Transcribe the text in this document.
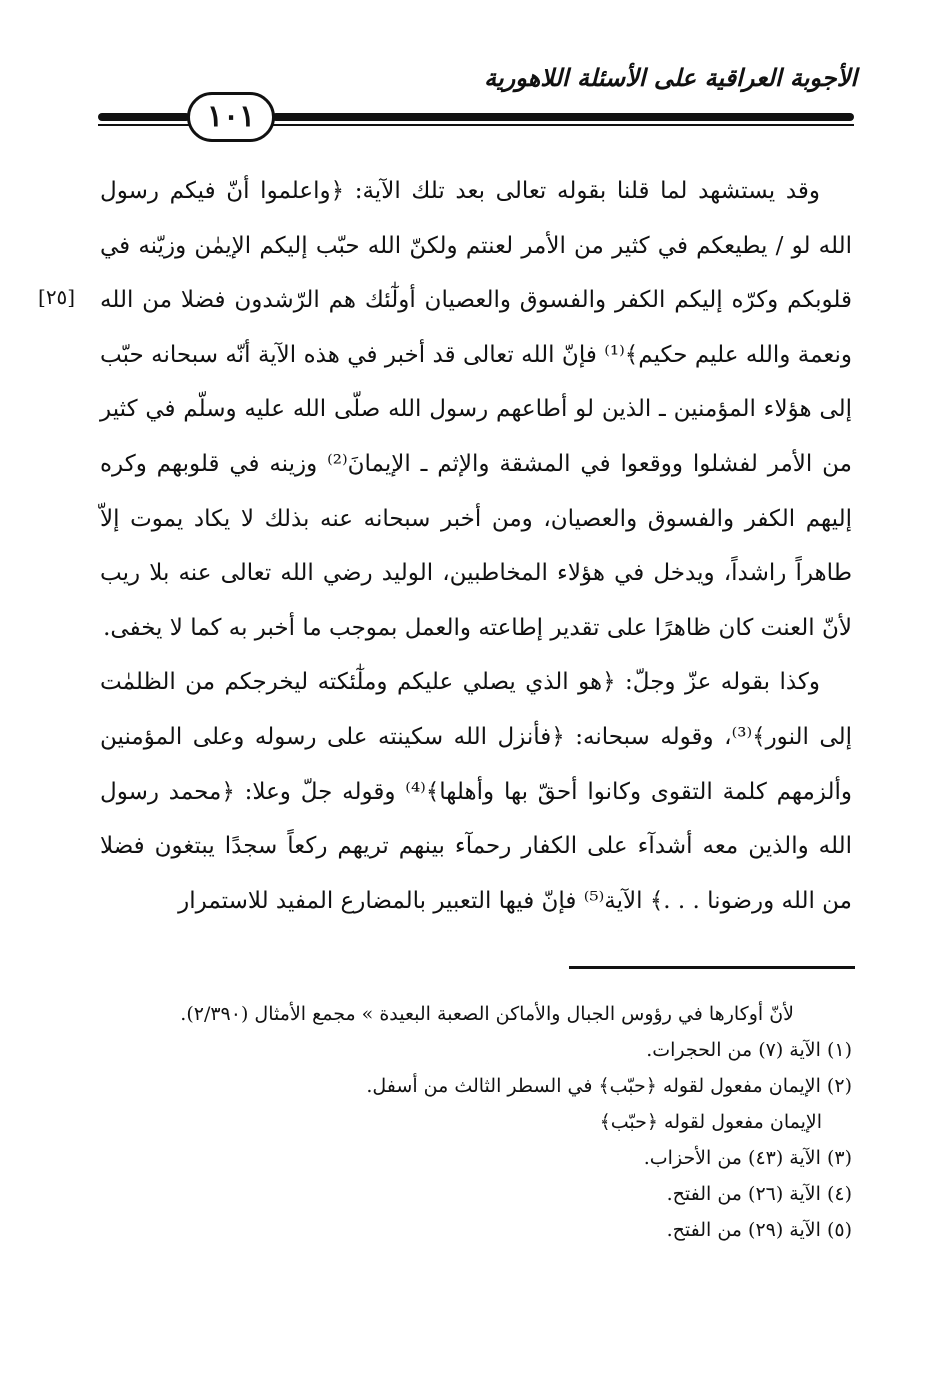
الأجوبة العراقية على الأسئلة اللاهورية
١٠١
[٢٥]

وقد يستشهد لما قلنا بقوله تعالى بعد تلك الآية: ﴿واعلموا أنّ فيكم رسول الله لو / يطيعكم في كثير من الأمر لعنتم ولكنّ الله حبّب إليكم الإيمٰن وزيّنه في قلوبكم وكرّه إليكم الكفر والفسوق والعصيان أولٰٓئك هم الرّشدون فضلا من الله ونعمة والله عليم حكيم﴾⁽¹⁾ فإنّ الله تعالى قد أخبر في هذه الآية أنّه سبحانه حبّب إلى هؤلاء المؤمنين ـ الذين لو أطاعهم رسول الله صلّى الله عليه وسلّم في كثير من الأمر لفشلوا ووقعوا في المشقة والإثم ـ الإيمانَ⁽²⁾ وزينه في قلوبهم وكره إليهم الكفر والفسوق والعصيان، ومن أخبر سبحانه عنه بذلك لا يكاد يموت إلاّ طاهراً راشداً، ويدخل في هؤلاء المخاطبين، الوليد رضي الله تعالى عنه بلا ريب لأنّ العنت كان ظاهرًا على تقدير إطاعته والعمل بموجب ما أخبر به كما لا يخفى.

وكذا بقوله عزّ وجلّ: ﴿هو الذي يصلي عليكم وملٰٓئكته ليخرجكم من الظلمٰت إلى النور﴾⁽³⁾، وقوله سبحانه: ﴿فأنزل الله سكينته على رسوله وعلى المؤمنين وألزمهم كلمة التقوى وكانوا أحقّ بها وأهلها﴾⁽⁴⁾ وقوله جلّ وعلا: ﴿محمد رسول الله والذين معه أشدآء على الكفار رحمآء بينهم تريهم ركعاً سجدًا يبتغون فضلا من الله ورضونا . . .﴾ الآية⁽⁵⁾ فإنّ فيها التعبير بالمضارع المفيد للاستمرار

لأنّ أوكارها في رؤوس الجبال والأماكن الصعبة البعيدة » مجمع الأمثال (٢/٣٩٠).

(١) الآية (٧) من الحجرات.

(٢) الإيمان مفعول لقوله ﴿حبّب﴾ في السطر الثالث من أسفل.

الإيمان مفعول لقوله ﴿حبّب﴾

(٣) الآية (٤٣) من الأحزاب.

(٤) الآية (٢٦) من الفتح.

(٥) الآية (٢٩) من الفتح.
